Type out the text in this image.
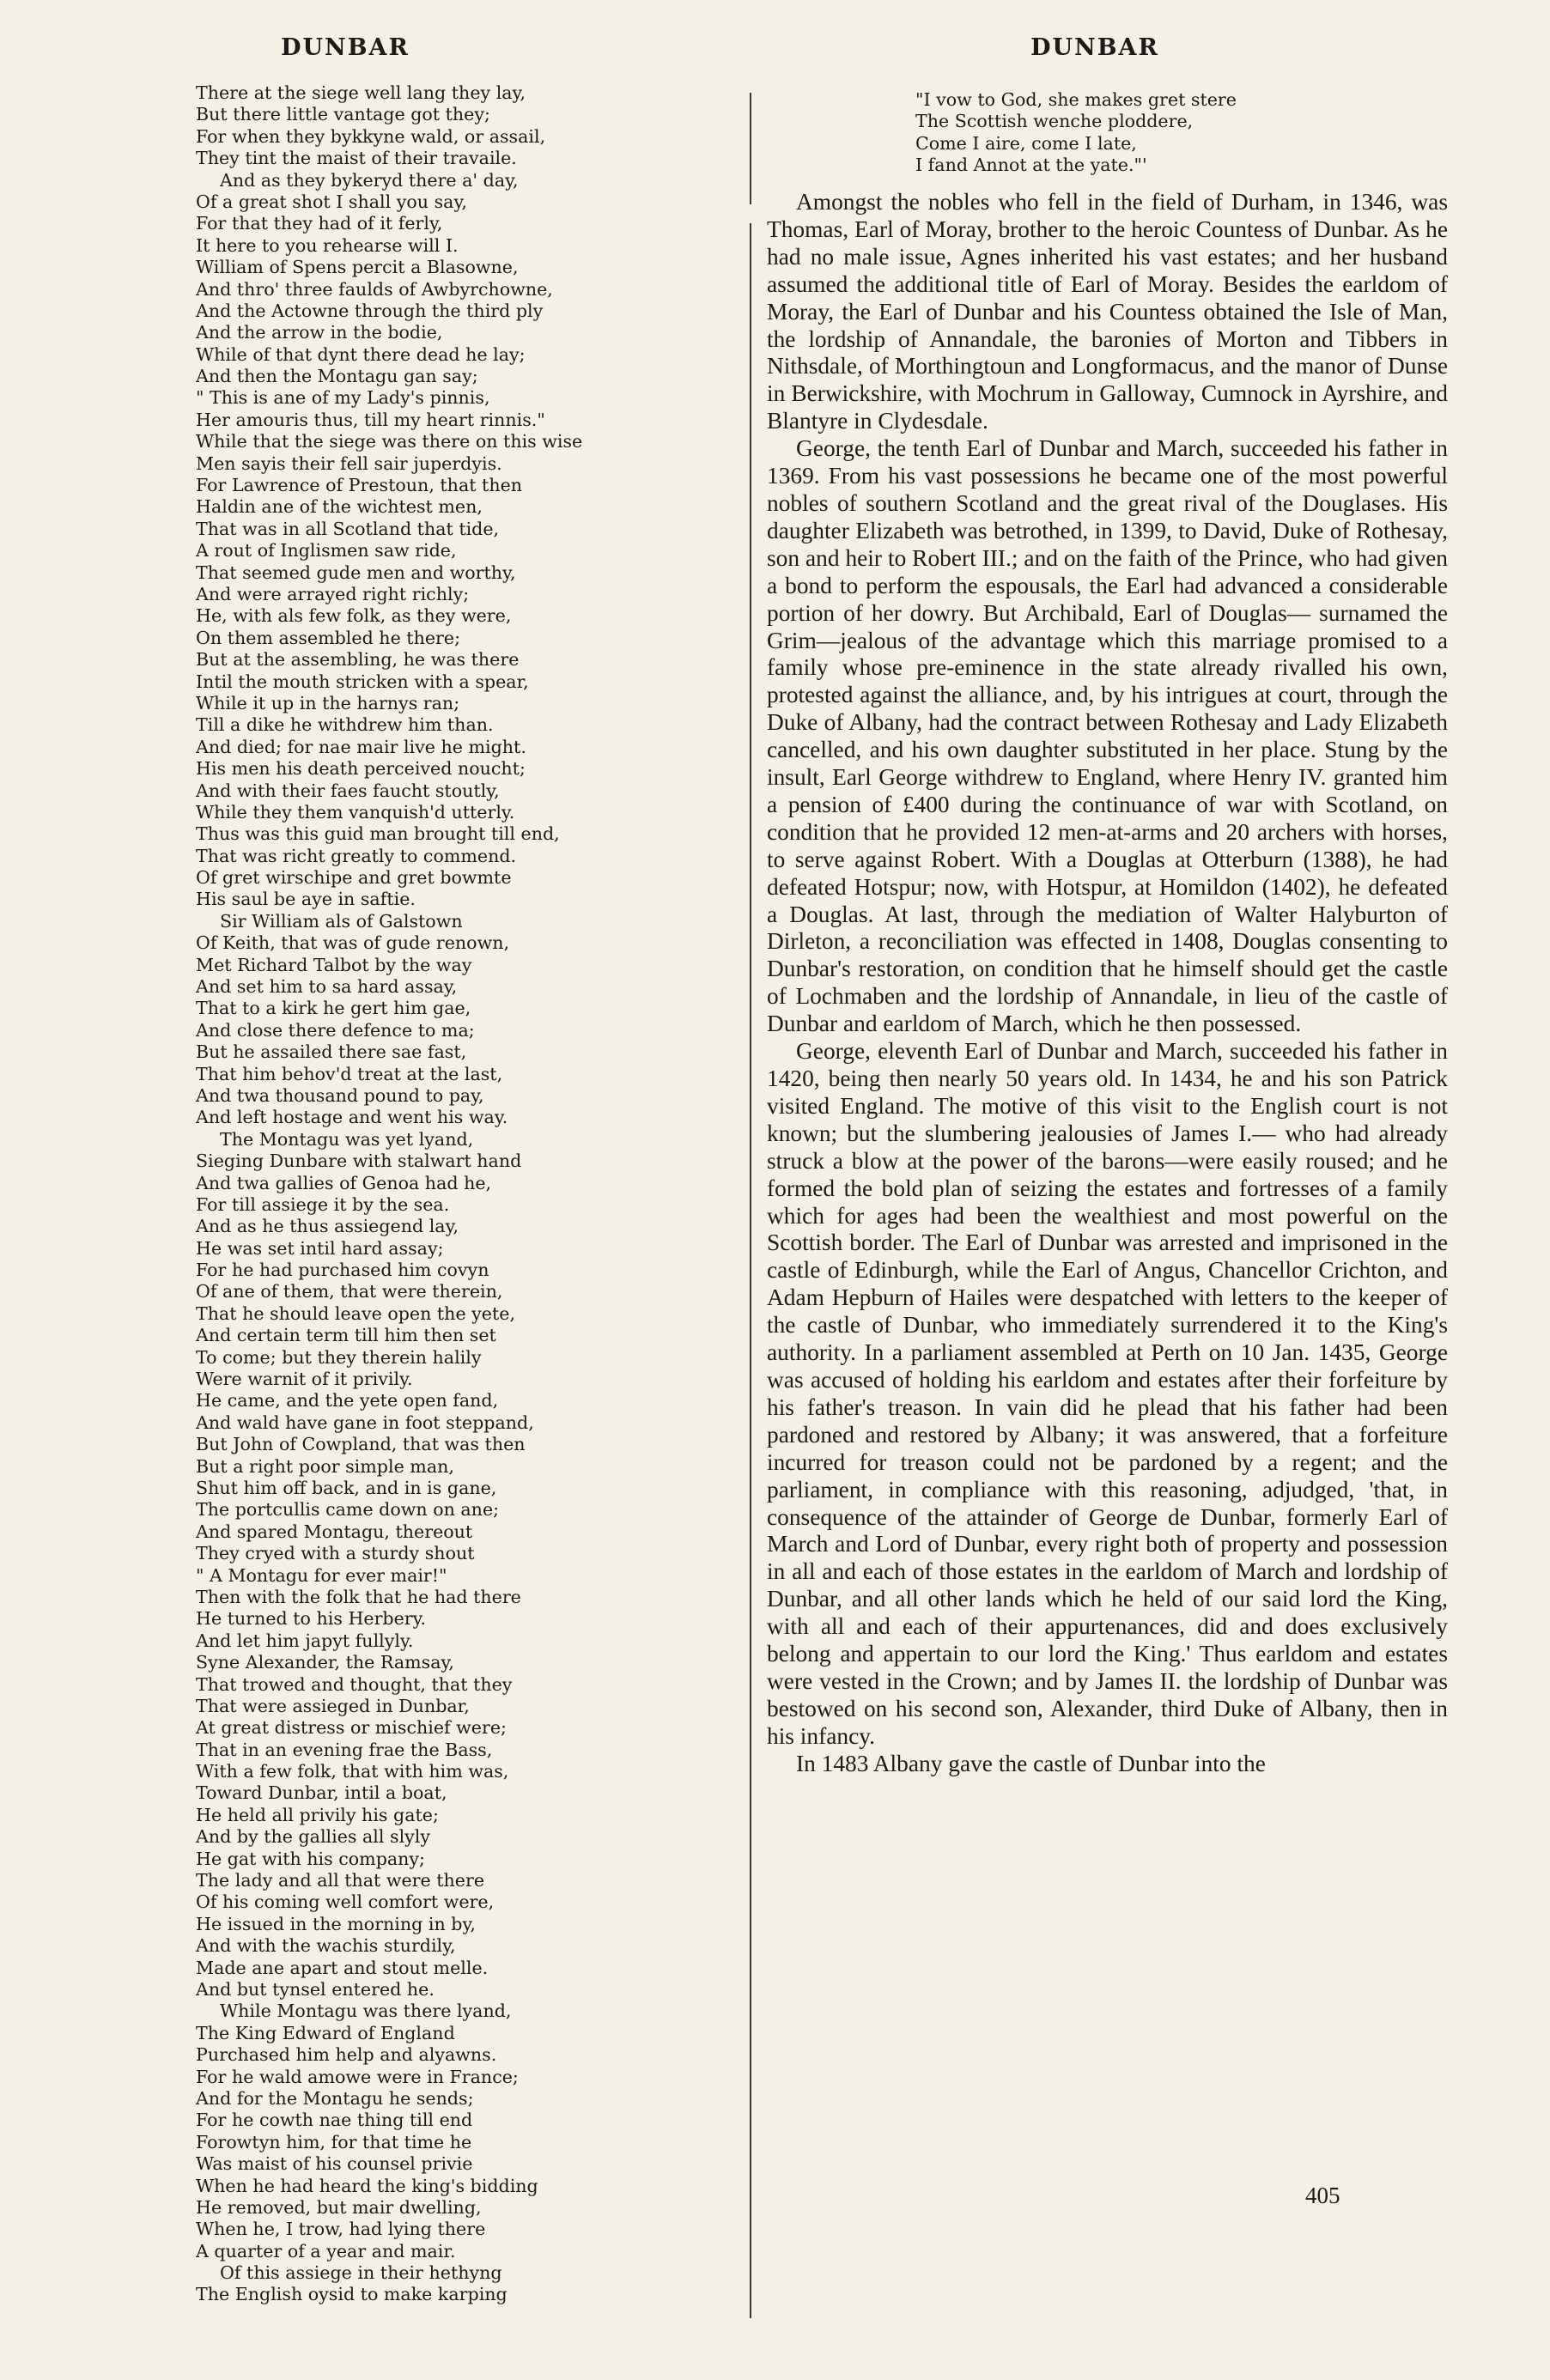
DUNBAR	DUNBAR
There at the siege well lang they lay,
But there little vantage got they;
For when they bykkyne wald, or assail,
They tint the maist of their travaile.
And as they bykeryd there a' day,
Of a great shot I shall you say,
For that they had of it ferly,
It here to you rehearse will I.
William of Spens percit a Blasowne,
And thro' three faulds of Awbyrchowne,
And the Actowne through the third ply
And the arrow in the bodie,
While of that dynt there dead he lay;
And then the Montagu gan say;
" This is ane of my Lady's pinnis,
Her amouris thus, till my heart rinnis."
While that the siege was there on this wise
Men sayis their fell sair juperdyis.
For Lawrence of Prestoun, that then
Haldin ane of the wichtest men,
That was in all Scotland that tide,
A rout of Inglismen saw ride,
That seemed gude men and worthy,
And were arrayed right richly;
He, with als few folk, as they were,
On them assembled he there;
But at the assembling, he was there
Intil the mouth stricken with a spear,
While it up in the harnys ran;
Till a dike he withdrew him than.
And died; for nae mair live he might.
His men his death perceived noucht;
And with their faes faucht stoutly,
While they them vanquish'd utterly.
Thus was this guid man brought till end,
That was richt greatly to commend.
Of gret wirschipe and gret bowmte
His saul be aye in saftie.
Sir William als of Galstown
Of Keith, that was of gude renown,
Met Richard Talbot by the way
And set him to sa hard assay,
That to a kirk he gert him gae,
And close there defence to ma;
But he assailed there sae fast,
That him behov'd treat at the last,
And twa thousand pound to pay,
And left hostage and went his way.
The Montagu was yet lyand,
Sieging Dunbare with stalwart hand
And twa gallies of Genoa had he,
For till assiege it by the sea.
And as he thus assiegend lay,
He was set intil hard assay;
For he had purchased him covyn
Of ane of them, that were therein,
That he should leave open the yete,
And certain term till him then set
To come; but they therein halily
Were warnit of it privily.
He came, and the yete open fand,
And wald have gane in foot steppand,
But John of Cowpland, that was then
But a right poor simple man,
Shut him off back, and in is gane,
The portcullis came down on ane;
And spared Montagu, thereout
They cryed with a sturdy shout
" A Montagu for ever mair!"
Then with the folk that he had there
He turned to his Herbery.
And let him japyt fullyly.
Syne Alexander, the Ramsay,
That trowed and thought, that they
That were assieged in Dunbar,
At great distress or mischief were;
That in an evening frae the Bass,
With a few folk, that with him was,
Toward Dunbar, intil a boat,
He held all privily his gate;
And by the gallies all slyly
He gat with his company;
The lady and all that were there
Of his coming well comfort were,
He issued in the morning in by,
And with the wachis sturdily,
Made ane apart and stout melle.
And but tynsel entered he.
While Montagu was there lyand,
The King Edward of England
Purchased him help and alyawns.
For he wald amowe were in France;
And for the Montagu he sends;
For he cowth nae thing till end
Forowtyn him, for that time he
Was maist of his counsel privie
When he had heard the king's bidding
He removed, but mair dwelling,
When he, I trow, had lying there
A quarter of a year and mair.
Of this assiege in their hethyng
The English oysid to make karping
"I vow to God, she makes gret stere
The Scottish wenche ploddere,
Come I aire, come I late,
I fand Annot at the yate."'

Amongst the nobles who fell in the field of Durham, in 1346, was Thomas, Earl of Moray, brother to the heroic Countess of Dunbar. As he had no male issue, Agnes inherited his vast estates; and her husband assumed the additional title of Earl of Moray. Besides the earldom of Moray, the Earl of Dunbar and his Countess obtained the Isle of Man, the lordship of Annandale, the baronies of Morton and Tibbers in Nithsdale, of Morthingtoun and Longformacus, and the manor of Dunse in Berwickshire, with Mochrum in Galloway, Cumnock in Ayrshire, and Blantyre in Clydesdale.

George, the tenth Earl of Dunbar and March, succeeded his father in 1369. From his vast possessions he became one of the most powerful nobles of southern Scotland and the great rival of the Douglases. His daughter Elizabeth was betrothed, in 1399, to David, Duke of Rothesay, son and heir to Robert III.; and on the faith of the Prince, who had given a bond to perform the espousals, the Earl had advanced a considerable portion of her dowry. But Archibald, Earl of Douglas— surnamed the Grim—jealous of the advantage which this marriage promised to a family whose pre-eminence in the state already rivalled his own, protested against the alliance, and, by his intrigues at court, through the Duke of Albany, had the contract between Rothesay and Lady Elizabeth cancelled, and his own daughter substituted in her place. Stung by the insult, Earl George withdrew to England, where Henry IV. granted him a pension of £400 during the continuance of war with Scotland, on condition that he provided 12 men-at-arms and 20 archers with horses, to serve against Robert. With a Douglas at Otterburn (1388), he had defeated Hotspur; now, with Hotspur, at Homildon (1402), he defeated a Douglas. At last, through the mediation of Walter Halyburton of Dirleton, a reconciliation was effected in 1408, Douglas consenting to Dunbar's restoration, on condition that he himself should get the castle of Lochmaben and the lordship of Annandale, in lieu of the castle of Dunbar and earldom of March, which he then possessed.

George, eleventh Earl of Dunbar and March, succeeded his father in 1420, being then nearly 50 years old. In 1434, he and his son Patrick visited England. The motive of this visit to the English court is not known; but the slumbering jealousies of James I.— who had already struck a blow at the power of the barons—were easily roused; and he formed the bold plan of seizing the estates and fortresses of a family which for ages had been the wealthiest and most powerful on the Scottish border. The Earl of Dunbar was arrested and imprisoned in the castle of Edinburgh, while the Earl of Angus, Chancellor Crichton, and Adam Hepburn of Hailes were despatched with letters to the keeper of the castle of Dunbar, who immediately surrendered it to the King's authority. In a parliament assembled at Perth on 10 Jan. 1435, George was accused of holding his earldom and estates after their forfeiture by his father's treason. In vain did he plead that his father had been pardoned and restored by Albany; it was answered, that a forfeiture incurred for treason could not be pardoned by a regent; and the parliament, in compliance with this reasoning, adjudged, 'that, in consequence of the attainder of George de Dunbar, formerly Earl of March and Lord of Dunbar, every right both of property and possession in all and each of those estates in the earldom of March and lordship of Dunbar, and all other lands which he held of our said lord the King, with all and each of their appurtenances, did and does exclusively belong and appertain to our lord the King.' Thus earldom and estates were vested in the Crown; and by James II. the lordship of Dunbar was bestowed on his second son, Alexander, third Duke of Albany, then in his infancy.

In 1483 Albany gave the castle of Dunbar into the

405
